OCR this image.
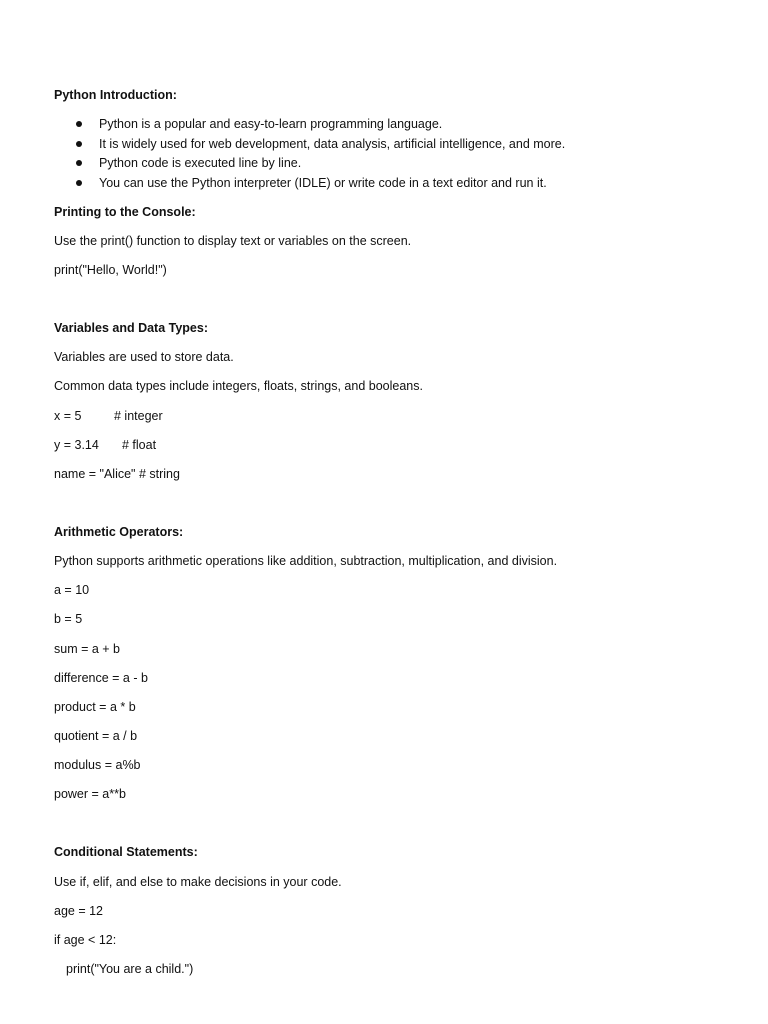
Python Introduction:
Python is a popular and easy-to-learn programming language.
It is widely used for web development, data analysis, artificial intelligence, and more.
Python code is executed line by line.
You can use the Python interpreter (IDLE) or write code in a text editor and run it.
Printing to the Console:
Use the print() function to display text or variables on the screen.
print("Hello, World!")
Variables and Data Types:
Variables are used to store data.
Common data types include integers, floats, strings, and booleans.
x = 5	# integer
y = 3.14 # float
name = "Alice" # string
Arithmetic Operators:
Python supports arithmetic operations like addition, subtraction, multiplication, and division.
a = 10
b = 5
sum = a + b
difference = a - b
product = a * b
quotient = a / b
modulus = a%b
power = a**b
Conditional Statements:
Use if, elif, and else to make decisions in your code.
age = 12
if age < 12:
print("You are a child.")
